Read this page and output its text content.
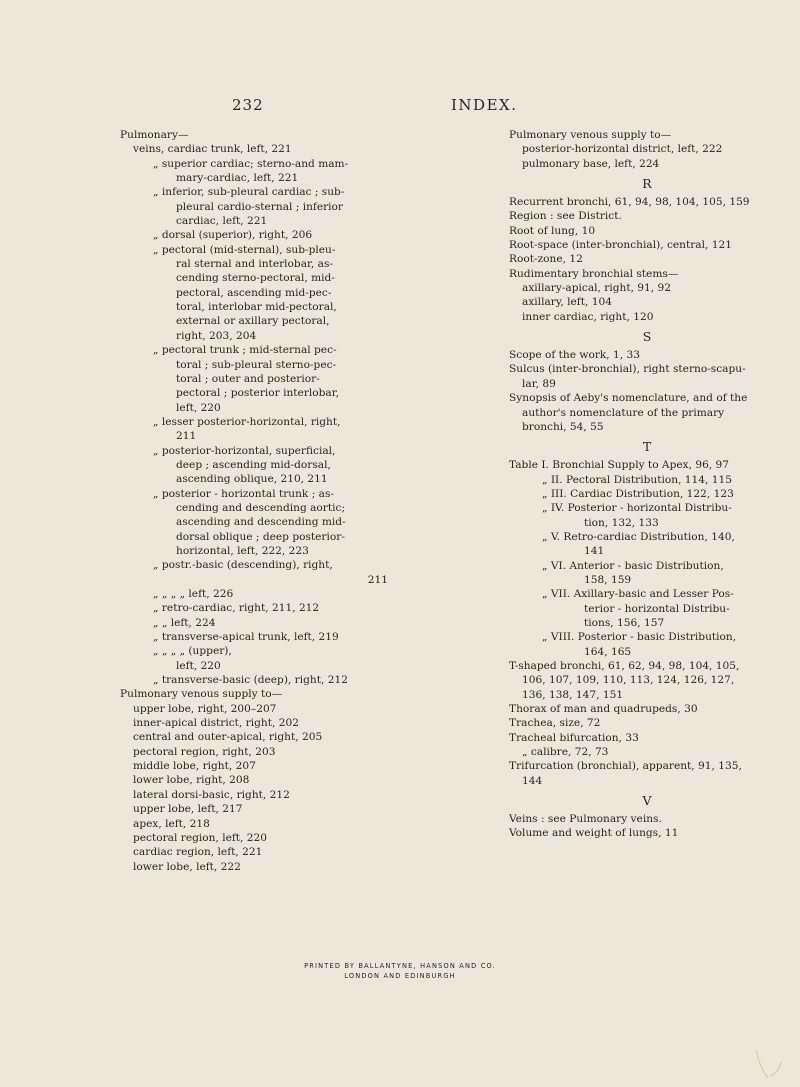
232	INDEX.
Pulmonary—
veins, cardiac trunk, left, 221
„ superior cardiac; sterno-and mam-
mary-cardiac, left, 221
„ inferior, sub-pleural cardiac ; sub-
pleural cardio-sternal ; inferior
cardiac, left, 221
„ dorsal (superior), right, 206
„ pectoral (mid-sternal), sub-pleu-
ral sternal and interlobar, as-
cending sterno-pectoral, mid-
pectoral, ascending mid-pec-
toral, interlobar mid-pectoral,
external or axillary pectoral,
right, 203, 204
„ pectoral trunk ; mid-sternal pec-
toral ; sub-pleural sterno-pec-
toral ; outer and posterior-
pectoral ; posterior interlobar,
left, 220
„ lesser posterior-horizontal, right,
211
„ posterior-horizontal, superficial,
deep ; ascending mid-dorsal,
ascending oblique, 210, 211
„ posterior - horizontal trunk ; as-
cending and descending aortic;
ascending and descending mid-
dorsal oblique ; deep posterior-
horizontal, left, 222, 223
„ postr.-basic (descending), right,
211
„ „ „ „ left, 226
„ retro-cardiac, right, 211, 212
„ „ left, 224
„ transverse-apical trunk, left, 219
„ „ „ „ (upper),
left, 220
„ transverse-basic (deep), right, 212
Pulmonary venous supply to—
upper lobe, right, 200–207
inner-apical district, right, 202
central and outer-apical, right, 205
pectoral region, right, 203
middle lobe, right, 207
lower lobe, right, 208
lateral dorsi-basic, right, 212
upper lobe, left, 217
apex, left, 218
pectoral region, left, 220
cardiac region, left, 221
lower lobe, left, 222
Pulmonary venous supply to—
posterior-horizontal district, left, 222
pulmonary base, left, 224
R
Recurrent bronchi, 61, 94, 98, 104, 105, 159
Region : see District.
Root of lung, 10
Root-space (inter-bronchial), central, 121
Root-zone, 12
Rudimentary bronchial stems—
axillary-apical, right, 91, 92
axillary, left, 104
inner cardiac, right, 120
S
Scope of the work, 1, 33
Sulcus (inter-bronchial), right sterno-scapu-
lar, 89
Synopsis of Aeby's nomenclature, and of the
author's nomenclature of the primary
bronchi, 54, 55
T
Table I. Bronchial Supply to Apex, 96, 97
„ II. Pectoral Distribution, 114, 115
„ III. Cardiac Distribution, 122, 123
„ IV. Posterior - horizontal Distribu-
tion, 132, 133
„ V. Retro-cardiac Distribution, 140,
141
„ VI. Anterior - basic Distribution,
158, 159
„ VII. Axillary-basic and Lesser Pos-
terior - horizontal Distribu-
tions, 156, 157
„ VIII. Posterior - basic Distribution,
164, 165
T-shaped bronchi, 61, 62, 94, 98, 104, 105,
106, 107, 109, 110, 113, 124, 126, 127,
136, 138, 147, 151
Thorax of man and quadrupeds, 30
Trachea, size, 72
Tracheal bifurcation, 33
„ calibre, 72, 73
Trifurcation (bronchial), apparent, 91, 135,
144
V
Veins : see Pulmonary veins.
Volume and weight of lungs, 11
PRINTED BY BALLANTYNE, HANSON AND CO.
LONDON AND EDINBURGH
